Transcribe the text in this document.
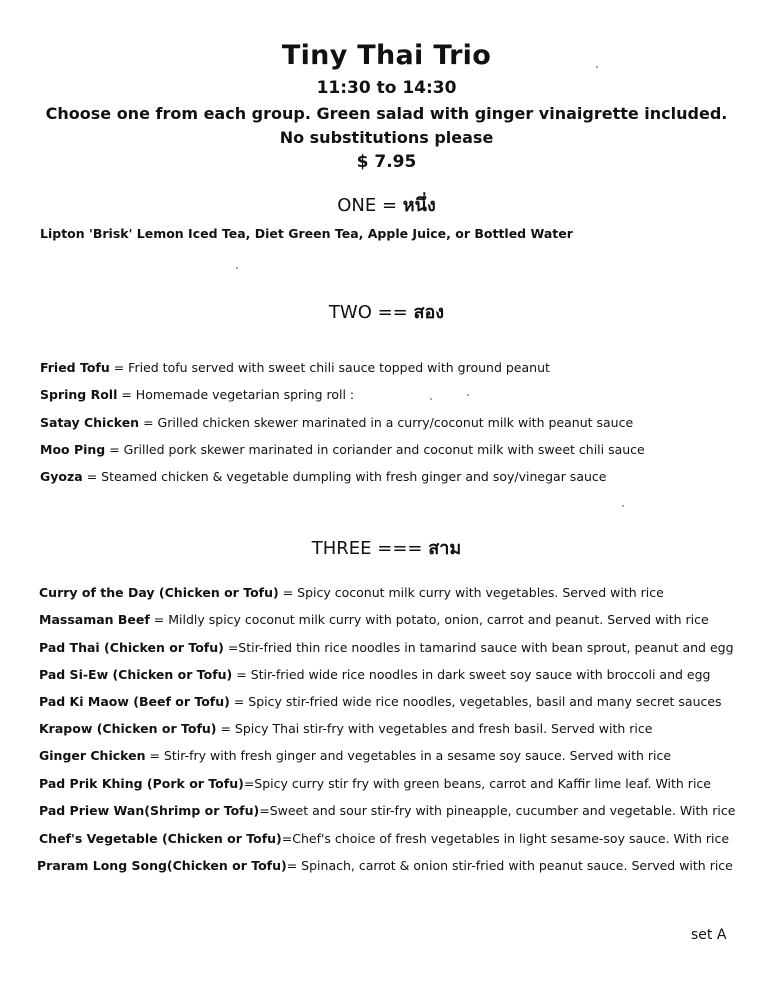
Tiny Thai Trio
11:30 to 14:30
Choose one from each group. Green salad with ginger vinaigrette included.
No substitutions please
$ 7.95
ONE = หนึ่ง
Lipton 'Brisk' Lemon Iced Tea, Diet Green Tea, Apple Juice, or Bottled Water
TWO == สอง
Fried Tofu = Fried tofu served with sweet chili sauce topped with ground peanut
Spring Roll = Homemade vegetarian spring roll :
Satay Chicken = Grilled chicken skewer marinated in a curry/coconut milk with peanut sauce
Moo Ping = Grilled pork skewer marinated in coriander and coconut milk with sweet chili sauce
Gyoza = Steamed chicken & vegetable dumpling with fresh ginger and soy/vinegar sauce
THREE === สาม
Curry of the Day (Chicken or Tofu) = Spicy coconut milk curry with vegetables. Served with rice
Massaman Beef = Mildly spicy coconut milk curry with potato, onion, carrot and peanut. Served with rice
Pad Thai (Chicken or Tofu) =Stir-fried thin rice noodles in tamarind sauce with bean sprout, peanut and egg
Pad Si-Ew (Chicken or Tofu) = Stir-fried wide rice noodles in dark sweet soy sauce with broccoli and egg
Pad Ki Maow (Beef or Tofu) = Spicy stir-fried wide rice noodles, vegetables, basil and many secret sauces
Krapow (Chicken or Tofu) = Spicy Thai stir-fry with vegetables and fresh basil. Served with rice
Ginger Chicken = Stir-fry with fresh ginger and vegetables in a sesame soy sauce. Served with rice
Pad Prik Khing (Pork or Tofu)=Spicy curry stir fry with green beans, carrot and Kaffir lime leaf. With rice
Pad Priew Wan(Shrimp or Tofu)=Sweet and sour stir-fry with pineapple, cucumber and vegetable. With rice
Chef's Vegetable (Chicken or Tofu)=Chef's choice of fresh vegetables in light sesame-soy sauce. With rice
Praram Long Song(Chicken or Tofu)= Spinach, carrot & onion stir-fried with peanut sauce. Served with rice
set A
